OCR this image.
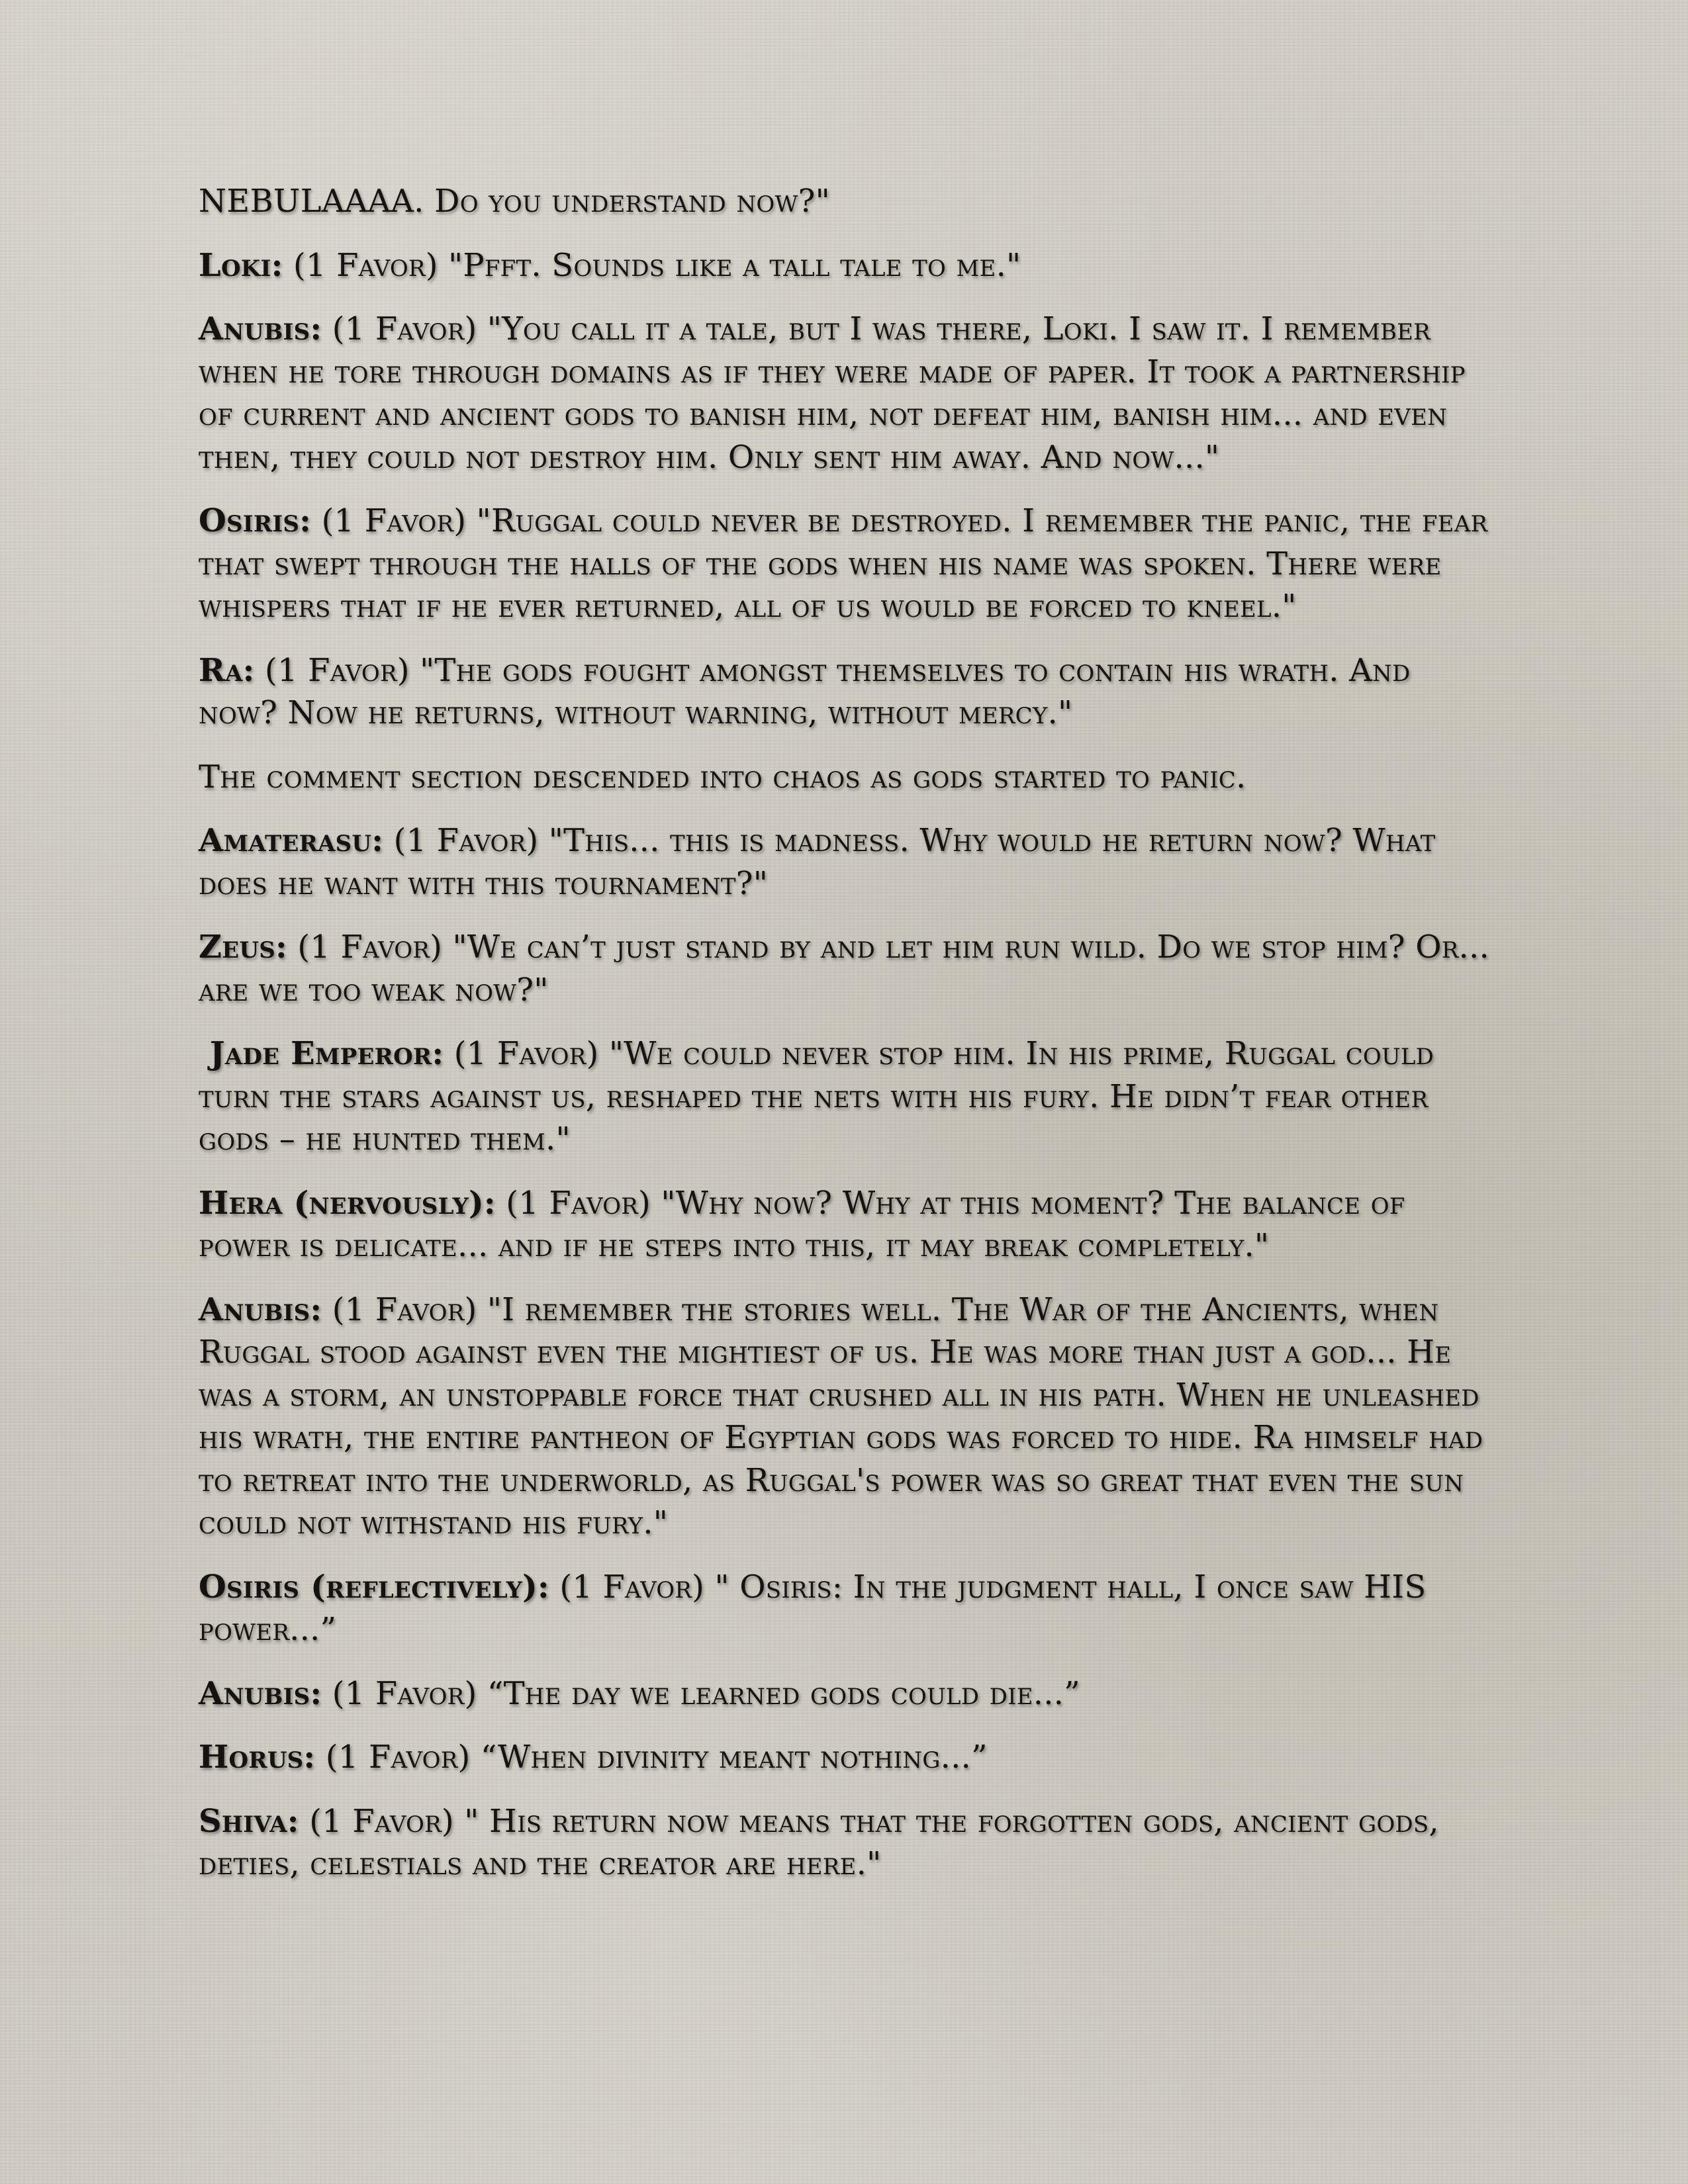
NEBULAAAA. Do you understand now?"

Loki: (1 Favor) "Pfft. Sounds like a tall tale to me."

Anubis: (1 Favor) "You call it a tale, but I was there, Loki. I saw it. I remember when he tore through domains as if they were made of paper. It took a partnership of current and ancient gods to banish him, not defeat him, banish him... and even then, they could not destroy him. Only sent him away. And now..."

Osiris: (1 Favor) "Ruggal could never be destroyed. I remember the panic, the fear that swept through the halls of the gods when his name was spoken. There were whispers that if he ever returned, all of us would be forced to kneel."

Ra: (1 Favor) "The gods fought amongst themselves to contain his wrath. And now? Now he returns, without warning, without mercy."

The comment section descended into chaos as gods started to panic.

Amaterasu: (1 Favor) "This... this is madness. Why would he return now? What does he want with this tournament?"

Zeus: (1 Favor) "We can’t just stand by and let him run wild. Do we stop him? Or... are we too weak now?"

Jade Emperor: (1 Favor) "We could never stop him. In his prime, Ruggal could turn the stars against us, reshaped the nets with his fury. He didn’t fear other gods – he hunted them."

Hera (nervously): (1 Favor) "Why now? Why at this moment? The balance of power is delicate... and if he steps into this, it may break completely."

Anubis: (1 Favor) "I remember the stories well. The War of the Ancients, when Ruggal stood against even the mightiest of us. He was more than just a god... He was a storm, an unstoppable force that crushed all in his path. When he unleashed his wrath, the entire pantheon of Egyptian gods was forced to hide. Ra himself had to retreat into the underworld, as Ruggal's power was so great that even the sun could not withstand his fury."

Osiris (reflectively): (1 Favor) " Osiris: In the judgment hall, I once saw HIS power...”

Anubis: (1 Favor) “The day we learned gods could die...”

Horus: (1 Favor) “When divinity meant nothing...”

Shiva: (1 Favor) " His return now means that the forgotten gods, ancient gods, deties, celestials and the creator are here."
